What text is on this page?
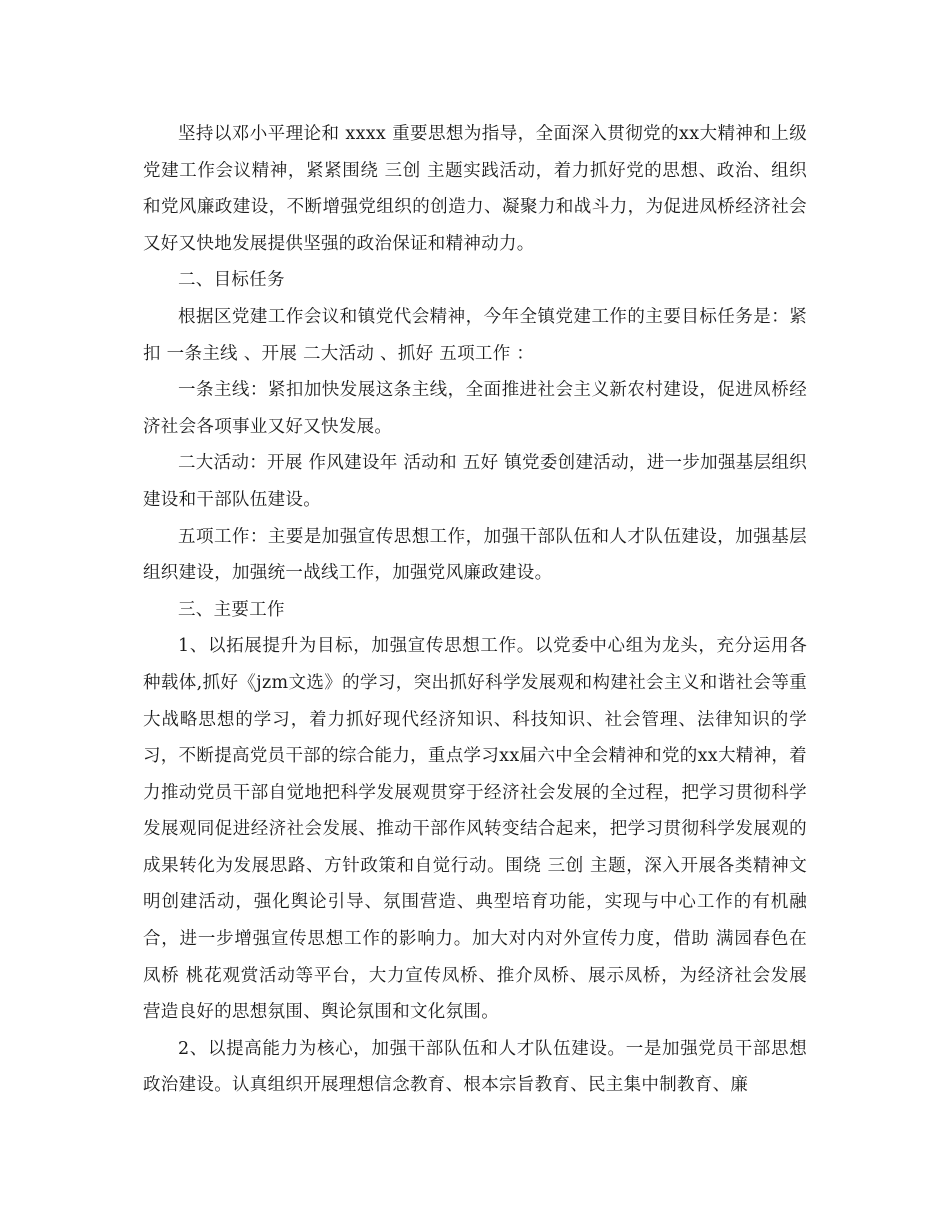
坚持以邓小平理论和 xxxx 重要思想为指导，全面深入贯彻党的xx大精神和上级党建工作会议精神，紧紧围绕 三创 主题实践活动，着力抓好党的思想、政治、组织和党风廉政建设，不断增强党组织的创造力、凝聚力和战斗力，为促进凤桥经济社会又好又快地发展提供坚强的政治保证和精神动力。

二、目标任务

根据区党建工作会议和镇党代会精神，今年全镇党建工作的主要目标任务是：紧扣 一条主线 、开展 二大活动 、抓好 五项工作 ：

一条主线：紧扣加快发展这条主线，全面推进社会主义新农村建设，促进凤桥经济社会各项事业又好又快发展。

二大活动：开展 作风建设年 活动和 五好 镇党委创建活动，进一步加强基层组织建设和干部队伍建设。

五项工作：主要是加强宣传思想工作，加强干部队伍和人才队伍建设，加强基层组织建设，加强统一战线工作，加强党风廉政建设。

三、主要工作

1、以拓展提升为目标，加强宣传思想工作。以党委中心组为龙头，充分运用各种载体,抓好《jzm文选》的学习，突出抓好科学发展观和构建社会主义和谐社会等重大战略思想的学习，着力抓好现代经济知识、科技知识、社会管理、法律知识的学习，不断提高党员干部的综合能力，重点学习xx届六中全会精神和党的xx大精神，着力推动党员干部自觉地把科学发展观贯穿于经济社会发展的全过程，把学习贯彻科学发展观同促进经济社会发展、推动干部作风转变结合起来，把学习贯彻科学发展观的成果转化为发展思路、方针政策和自觉行动。围绕 三创 主题，深入开展各类精神文明创建活动，强化舆论引导、氛围营造、典型培育功能，实现与中心工作的有机融合，进一步增强宣传思想工作的影响力。加大对内对外宣传力度，借助 满园春色在凤桥 桃花观赏活动等平台，大力宣传凤桥、推介凤桥、展示凤桥，为经济社会发展营造良好的思想氛围、舆论氛围和文化氛围。

2、以提高能力为核心，加强干部队伍和人才队伍建设。一是加强党员干部思想政治建设。认真组织开展理想信念教育、根本宗旨教育、民主集中制教育、廉
